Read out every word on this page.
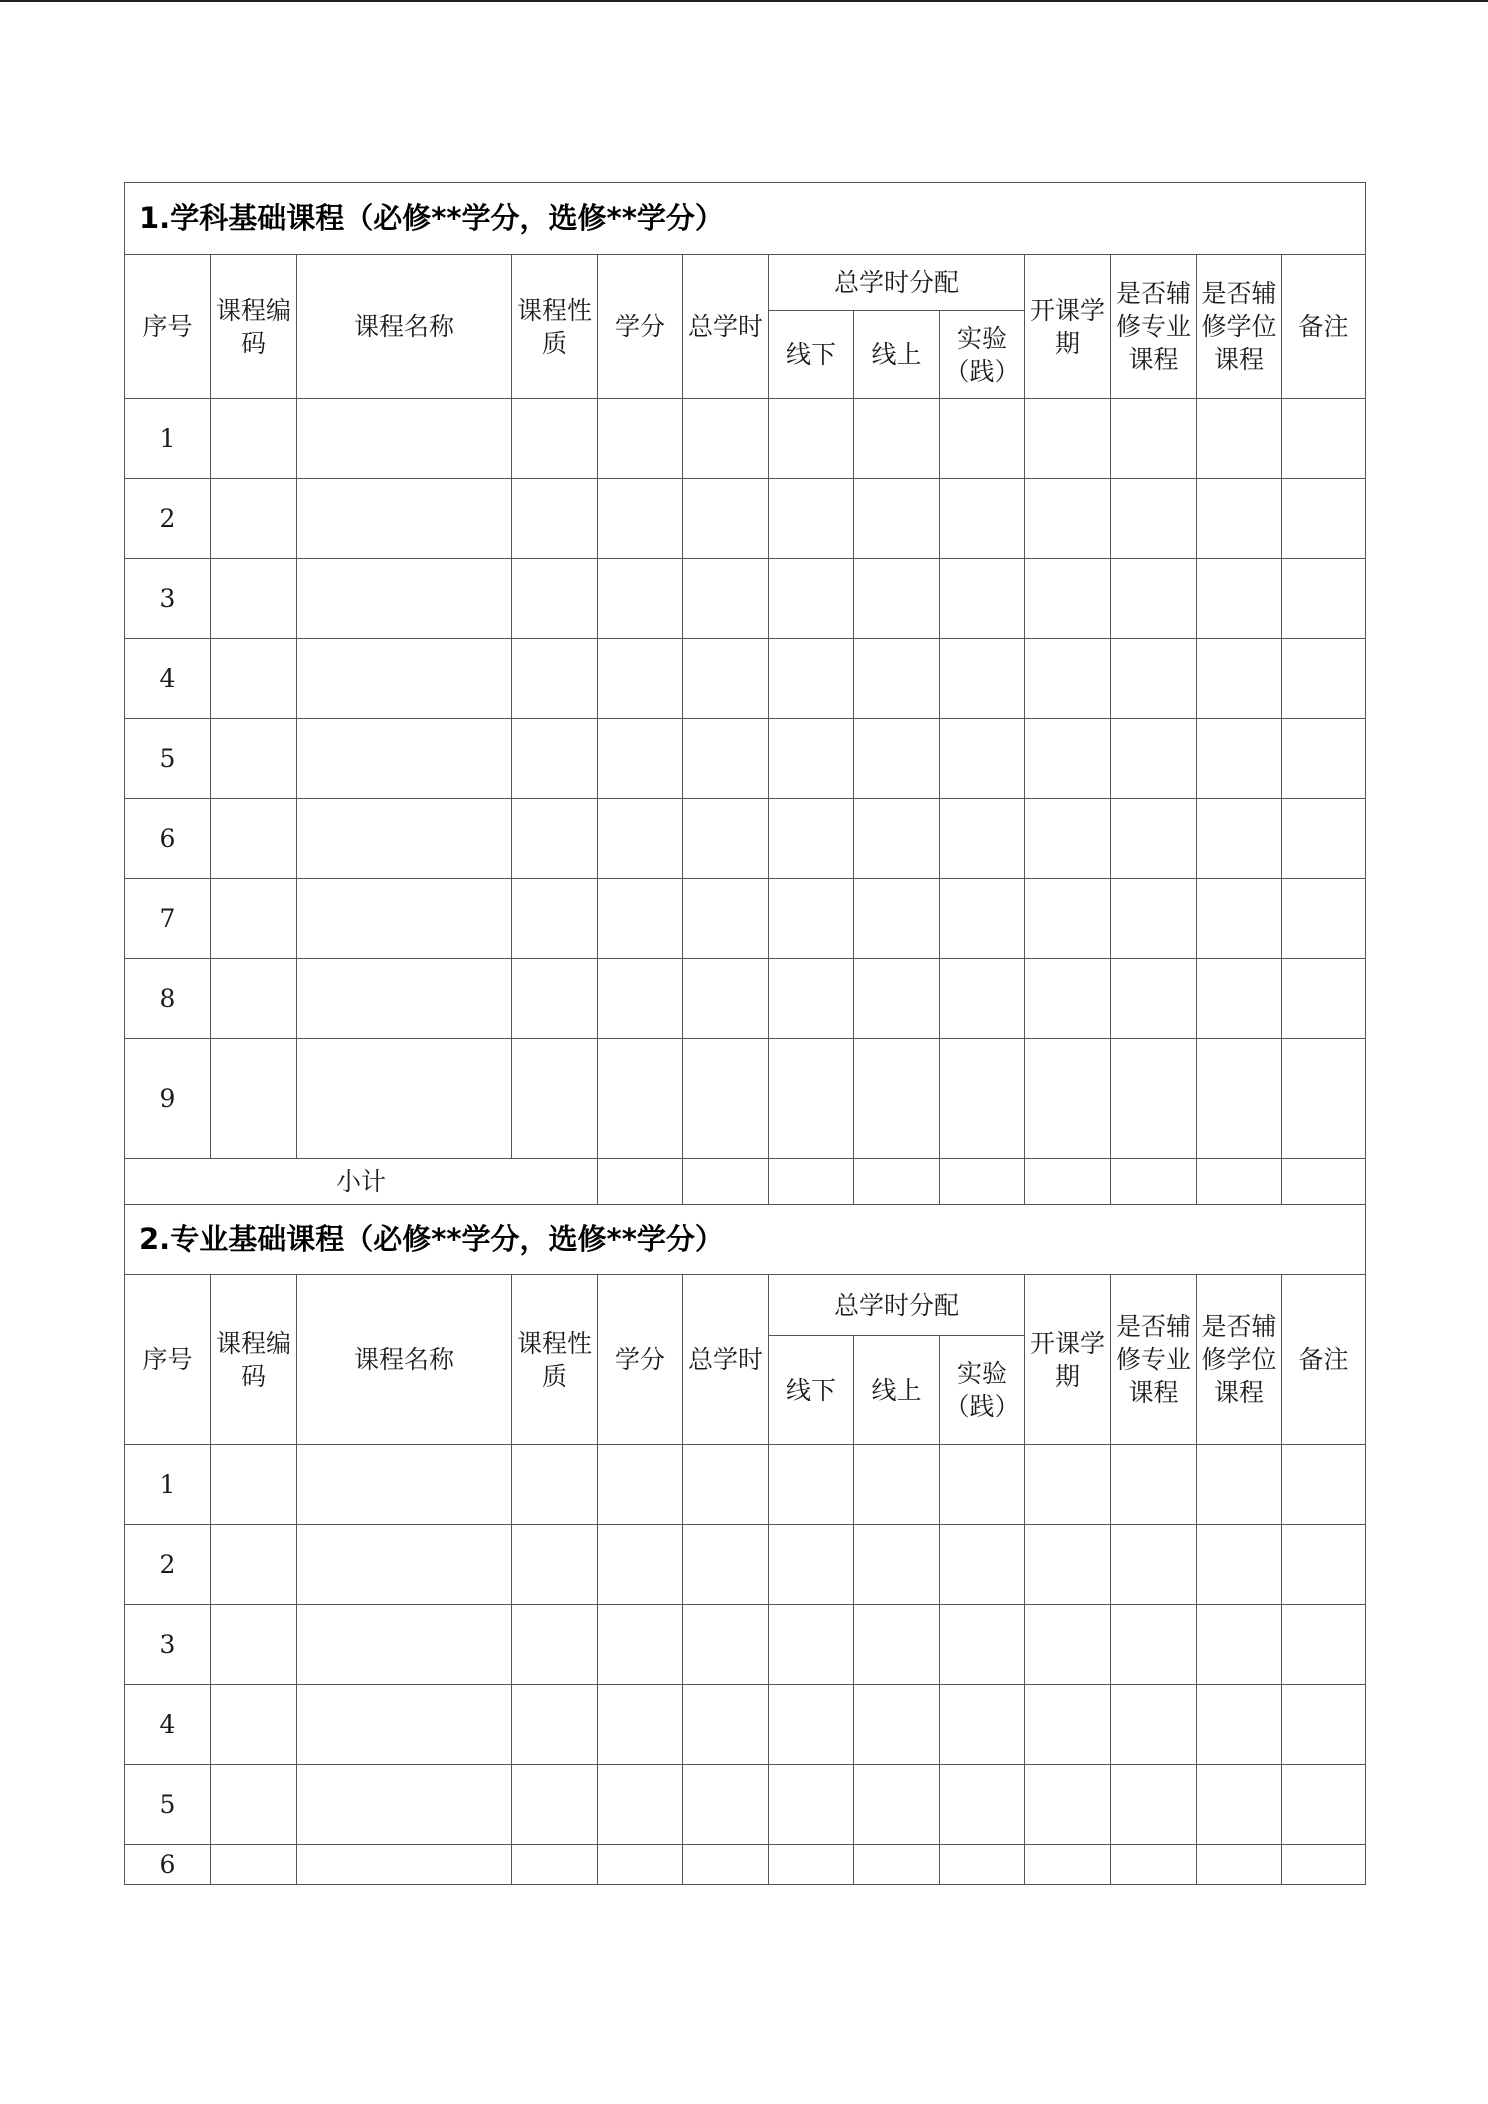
1.学科基础课程（必修**学分，选修**学分）												
序号	课程编码	课程名称	课程性质	学分	总学时	总学时分配			开课学期	是否辅修专业课程	是否辅修学位课程	备注
						线下	线上	实验（践）				
1												
2												
3												
4												
5												
6												
7												
8												
9												
小计												
2.专业基础课程（必修**学分，选修**学分）												
序号	课程编码	课程名称	课程性质	学分	总学时	总学时分配			开课学期	是否辅修专业课程	是否辅修学位课程	备注
						线下	线上	实验（践）				
1												
2												
3												
4												
5												
6												
